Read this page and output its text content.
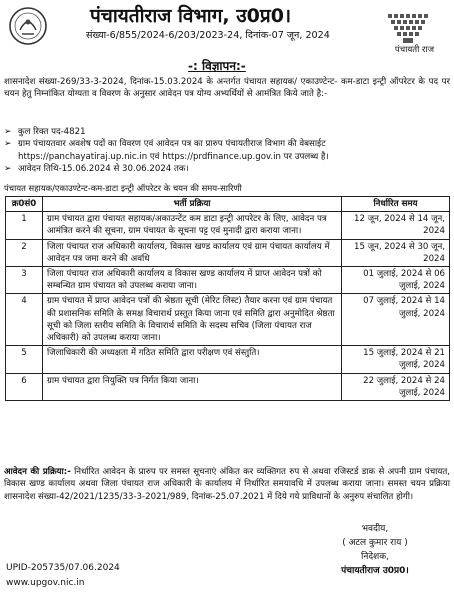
पंचायतीराज विभाग, उ0प्र0।
संख्या-6/855/2024-6/203/2023-24, दिनांक-07 जून, 2024
पंचायती राज
-: विज्ञापन:-

शासनादेश संख्या-269/33-3-2024, दिनांक-15.03.2024 के अन्तर्गत पंचायत सहायक/ एकाउण्टेन्ट- कम-डाटा इन्ट्री ऑपरेटर के पद पर चयन हेतु निम्नांकित योग्यता व विवरण के अनुसार आवेदन पत्र योग्य अभ्यर्थियों से आमंत्रित किये जाते है:-

➢ कुल रिक्त पद-4821
➢ ग्राम पंचायतवार अवशेष पदों का विवरण एवं आवेदन पत्र का प्रारुप पंचायतीराज विभाग की वेबसाईट https://panchayatiraj.up.nic.in एवं https://prdfinance.up.gov.in पर उपलब्ध है।
➢ आवेदन तिथि-15.06.2024 से 30.06.2024 तक।
पंचायत सहायक/एकाउण्टेन्ट-कम-डाटा इन्ट्री ऑपरेटर के चयन की समय-सारिणी
क्र0सं0	भर्ती प्रक्रिया	निर्धारित समय
1	ग्राम पंचायत द्वारा पंचायत सहायक/अकाउन्टेंट कम डाटा इन्ट्री आपरेटर के लिए, आवेदन पत्र आमंत्रित करने की सूचना, ग्राम पंचायत के सूचना पट्ट एवं मुनादी द्वारा कराया जाना।	12 जून, 2024 से 14 जून, 2024
2	जिला पंचायत राज अधिकारी कार्यालय, विकास खण्ड कार्यालय एवं ग्राम पंचायत कार्यालय में आवेदन पत्र जमा करने की अवधि	15 जून, 2024 से 30 जून, 2024
3	जिला पंचायत राज अधिकारी कार्यालय व विकास खण्ड कार्यालय में प्राप्त आवेदन पत्रों को सम्बन्धित ग्राम पंचायत को उपलब्ध कराया जाना।	01 जुलाई, 2024 से 06 जुलाई, 2024
4	ग्राम पंचायत में प्राप्त आवेदन पत्रों की श्रेष्ठता सूची (मेरिट लिस्ट) तैयार करना एवं ग्राम पंचायत की प्रशासनिक समिति के समक्ष विचारार्थ प्रस्तुत किया जाना एवं समिति द्वारा अनुमोदित श्रेष्ठता सूची को जिला स्तरीय समिति के विचारार्थ समिति के सदस्य सचिव (जिला पंचायत राज अधिकारी) को उपलब्ध कराया जाना।	07 जुलाई, 2024 से 14 जुलाई, 2024
5	जिलाधिकारी की अध्यक्षता में गठित समिति द्वारा परीक्षण एवं संस्तुति।	15 जुलाई, 2024 से 21 जुलाई, 2024
6	ग्राम पंचायत द्वारा नियुक्ति पत्र निर्गत किया जाना।	22 जुलाई, 2024 से 24 जुलाई, 2024
आवेदन की प्रक्रिया:- निर्धारित आवेदन के प्रारुप पर समस्त सूचनाएं अंकित कर व्यक्तिगत रुप से अथवा रजिस्टर्ड डाक से अपनी ग्राम पंचायत, विकास खण्ड कार्यालय अथवा जिला पंचायत राज अधिकारी के कार्यालय में निर्धारित समयावधि में उपलब्ध कराया जाना। समस्त चयन प्रक्रिया शासनादेश संख्या-42/2021/1235/33-3-2021/989, दिनांक-25.07.2021 में दिये गये प्राविधानों के अनुरुप संचालित होगी।
भवदीय,
( अटल कुमार राय )
निदेशक,
पंचायतीराज उ0प्र0।
UPID-205735/07.06.2024
www.upgov.nic.in
